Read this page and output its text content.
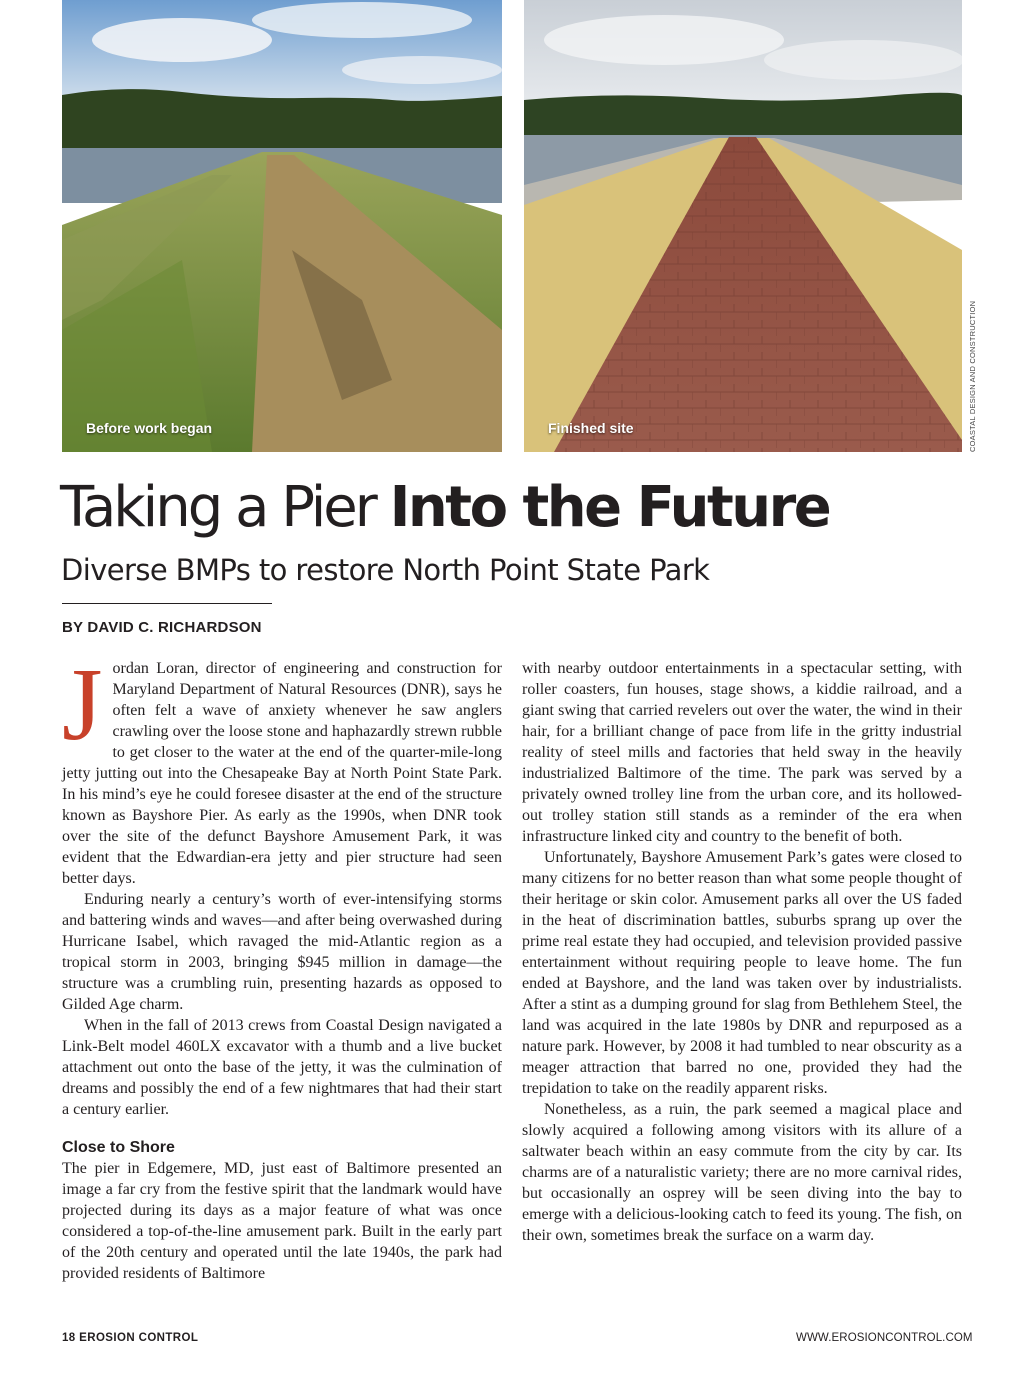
Before work began	Finished site	COASTAL DESIGN AND CONSTRUCTION
Taking a Pier Into the Future
Diverse BMPs to restore North Point State Park
BY DAVID C. RICHARDSON

Jordan Loran, director of engineering and construction for Maryland Department of Natural Resources (DNR), says he often felt a wave of anxiety whenever he saw anglers crawling over the loose stone and haphazardly strewn rubble to get closer to the water at the end of the quarter-mile-long jetty jutting out into the Chesapeake Bay at North Point State Park. In his mind’s eye he could foresee disaster at the end of the structure known as Bayshore Pier. As early as the 1990s, when DNR took over the site of the defunct Bayshore Amusement Park, it was evident that the Edwardian-era jetty and pier structure had seen better days.

Enduring nearly a century’s worth of ever-intensifying storms and battering winds and waves—and after being overwashed during Hurricane Isabel, which ravaged the mid-Atlantic region as a tropical storm in 2003, bringing $945 million in damage—the structure was a crumbling ruin, presenting hazards as opposed to Gilded Age charm.

When in the fall of 2013 crews from Coastal Design navigated a Link-Belt model 460LX excavator with a thumb and a live bucket attachment out onto the base of the jetty, it was the culmination of dreams and possibly the end of a few nightmares that had their start a century earlier.

Close to Shore

The pier in Edgemere, MD, just east of Baltimore presented an image a far cry from the festive spirit that the landmark would have projected during its days as a major feature of what was once considered a top-of-the-line amusement park. Built in the early part of the 20th century and operated until the late 1940s, the park had provided residents of Baltimore

with nearby outdoor entertainments in a spectacular setting, with roller coasters, fun houses, stage shows, a kiddie railroad, and a giant swing that carried revelers out over the water, the wind in their hair, for a brilliant change of pace from life in the gritty industrial reality of steel mills and factories that held sway in the heavily industrialized Baltimore of the time. The park was served by a privately owned trolley line from the urban core, and its hollowed-out trolley station still stands as a reminder of the era when infrastructure linked city and country to the benefit of both.

Unfortunately, Bayshore Amusement Park’s gates were closed to many citizens for no better reason than what some people thought of their heritage or skin color. Amusement parks all over the US faded in the heat of discrimination battles, suburbs sprang up over the prime real estate they had occupied, and television provided passive entertainment without requiring people to leave home. The fun ended at Bayshore, and the land was taken over by industrialists. After a stint as a dumping ground for slag from Bethlehem Steel, the land was acquired in the late 1980s by DNR and repurposed as a nature park. However, by 2008 it had tumbled to near obscurity as a meager attraction that barred no one, provided they had the trepidation to take on the readily apparent risks.

Nonetheless, as a ruin, the park seemed a magical place and slowly acquired a following among visitors with its allure of a saltwater beach within an easy commute from the city by car. Its charms are of a naturalistic variety; there are no more carnival rides, but occasionally an osprey will be seen diving into the bay to emerge with a delicious-looking catch to feed its young. The fish, on their own, sometimes break the surface on a warm day.

18 EROSION CONTROL	WWW.EROSIONCONTROL.COM
